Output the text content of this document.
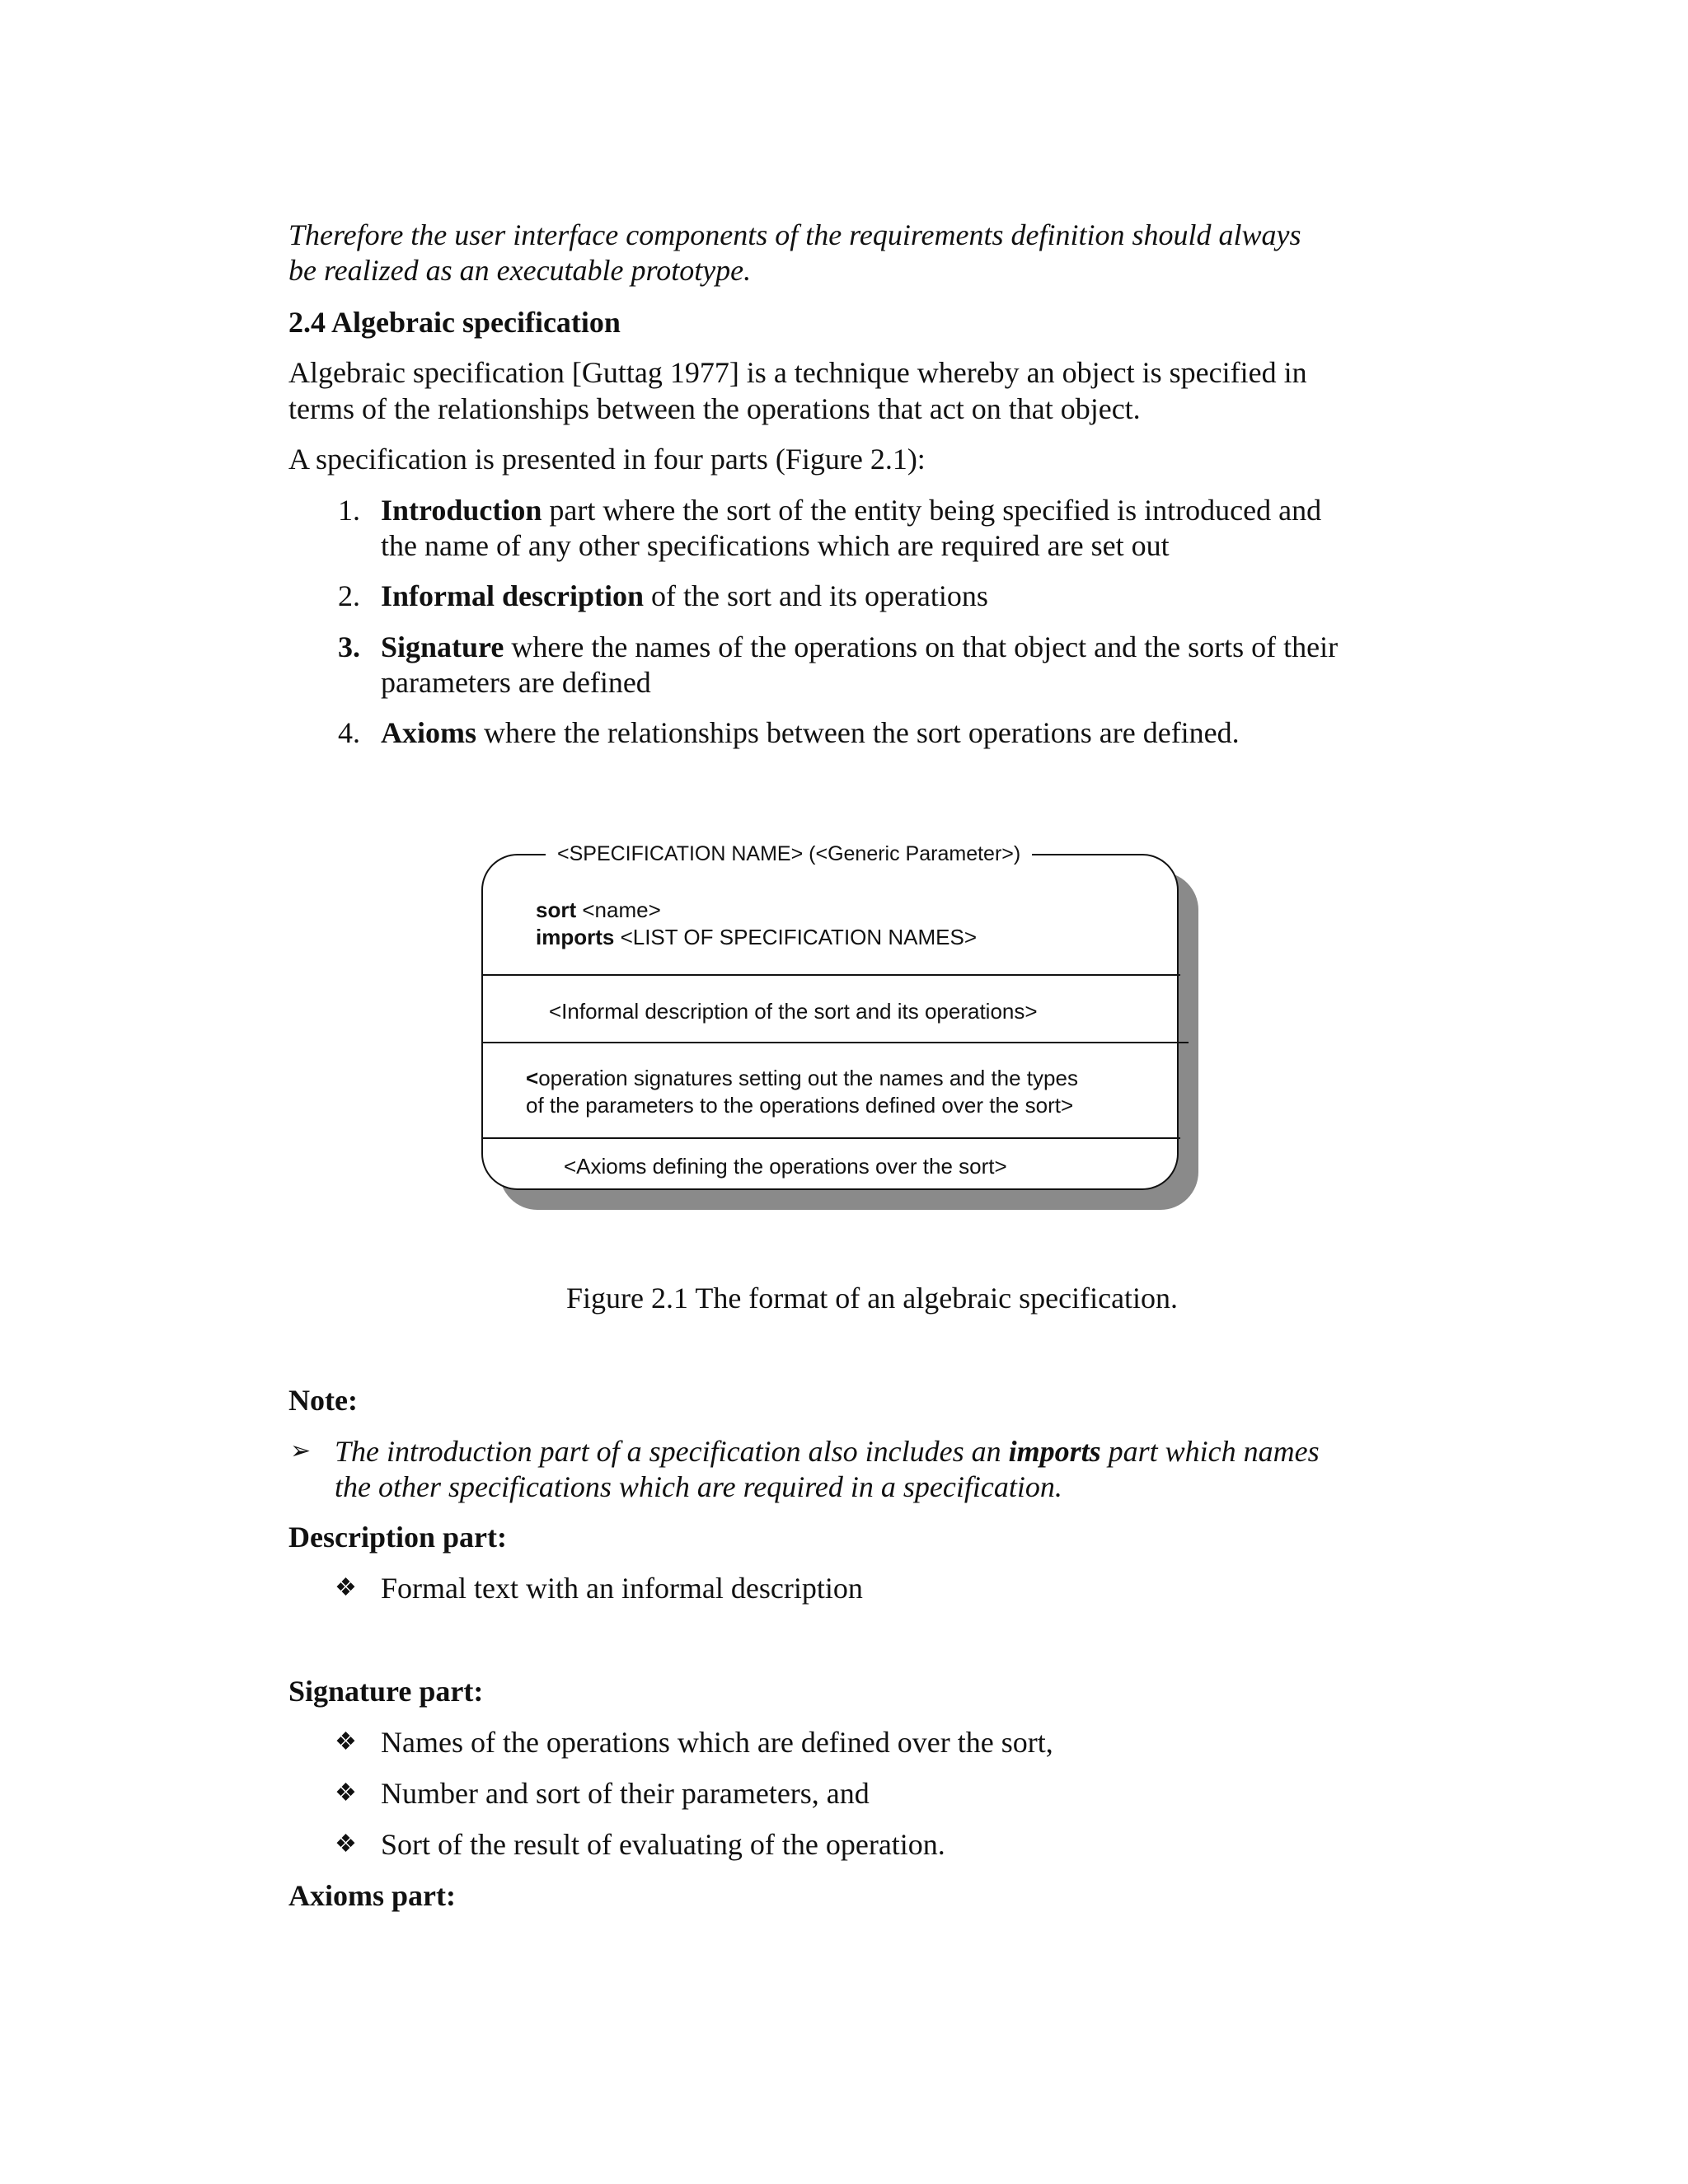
Therefore the user interface components of the requirements definition should always
be realized as an executable prototype.
2.4 Algebraic specification
Algebraic specification [Guttag 1977] is a technique whereby an object is specified in
terms of the relationships between the operations that act on that object.
A specification is presented in four parts (Figure 2.1):
1. Introduction part where the sort of the entity being specified is introduced and
the name of any other specifications which are required are set out
2. Informal description of the sort and its operations
3. Signature where the names of the operations on that object and the sorts of their
parameters are defined
4. Axioms where the relationships between the sort operations are defined.
<SPECIFICATION NAME> (<Generic Parameter>)
sort <name>
imports <LIST OF SPECIFICATION NAMES>
<Informal description of the sort and its operations>
<operation signatures setting out the names and the types
of the parameters to the operations defined over the sort>
<Axioms defining the operations over the sort>
Figure 2.1 The format of an algebraic specification.
Note:
➢ The introduction part of a specification also includes an imports part which names
the other specifications which are required in a specification.
Description part:
❖ Formal text with an informal description
Signature part:
❖ Names of the operations which are defined over the sort,
❖ Number and sort of their parameters, and
❖ Sort of the result of evaluating of the operation.
Axioms part:
